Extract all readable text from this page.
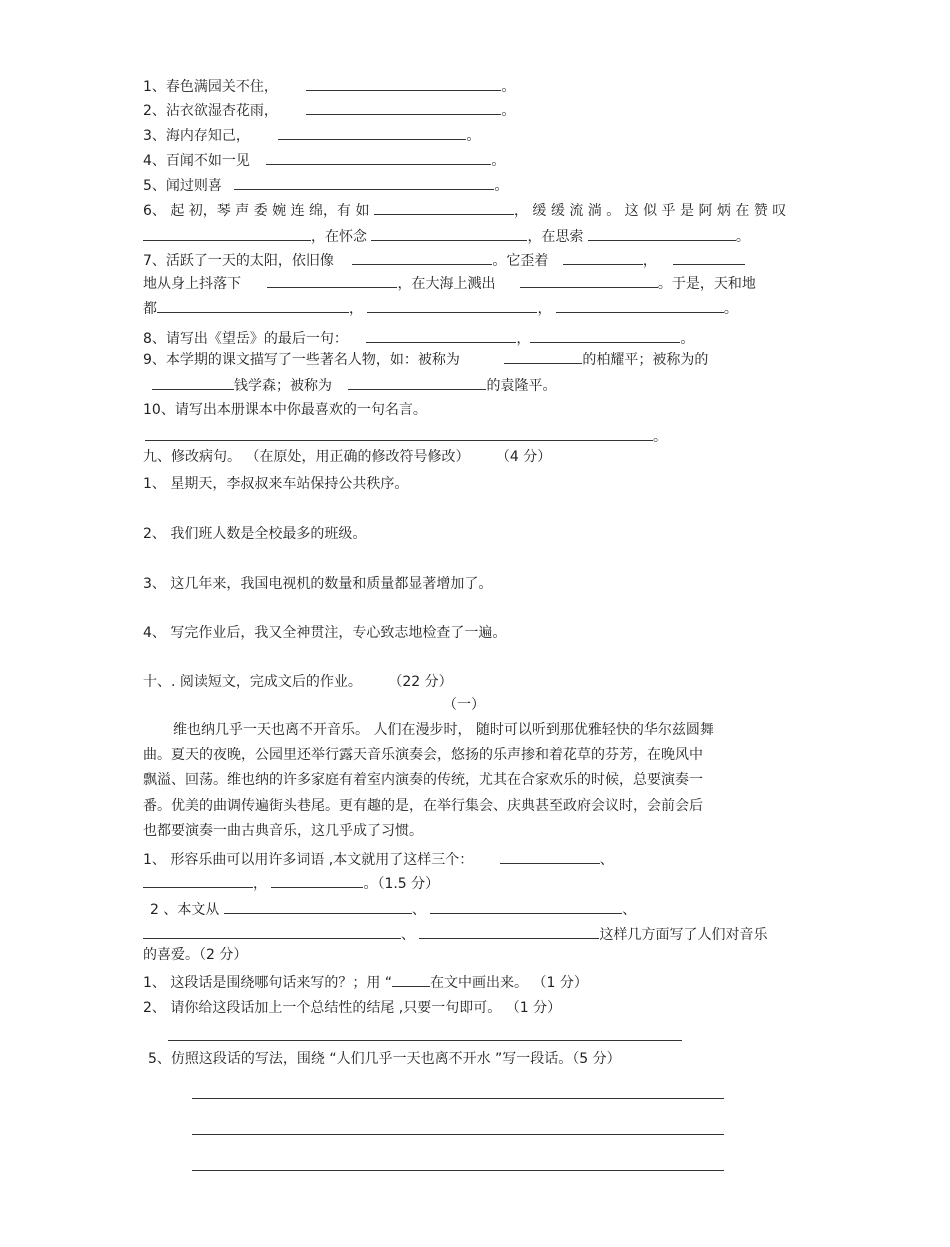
1、春色满园关不住，	。
2、沾衣欲湿杏花雨，	。
3、海内存知己，	。
4、百闻不如一见	。
5、闻过则喜	。
6、 起 初，琴 声 委 婉 连 绵，有 如	， 缓 缓 流 淌 。 这 似 乎 是 阿 炳 在 赞 叹
，在怀念	，在思索	。
7、活跃了一天的太阳，依旧像	。它歪着	，
地从身上抖落下	，在大海上溅出	。于是，天和地
都	，	，	。
8、请写出《望岳》的最后一句：	，	。
9、本学期的课文描写了一些著名人物，如：被称为	的柏耀平；被称为的
钱学森；被称为	的袁隆平。
10、请写出本册课本中你最喜欢的一句名言。
。
九、修改病句。 （在原处，用正确的修改符号修改） （4 分）
1、 星期天，李叔叔来车站保持公共秩序。
2、 我们班人数是全校最多的班级。
3、 这几年来，我国电视机的数量和质量都显著增加了。
4、 写完作业后，我又全神贯注，专心致志地检查了一遍。
十、. 阅读短文，完成文后的作业。 （22 分）
（一）
维也纳几乎一天也离不开音乐。 人们在漫步时， 随时可以听到那优雅轻快的华尔兹圆舞
曲。夏天的夜晚，公园里还举行露天音乐演奏会，悠扬的乐声掺和着花草的芬芳，在晚风中
飘溢、回荡。维也纳的许多家庭有着室内演奏的传统，尤其在合家欢乐的时候，总要演奏一
番。优美的曲调传遍街头巷尾。更有趣的是，在举行集会、庆典甚至政府会议时，会前会后
也都要演奏一曲古典音乐，这几乎成了习惯。
1、 形容乐曲可以用许多词语 ,本文就用了这样三个：	、
，	。（1.5 分）
2 、本文从	、	、
、	这样几方面写了人们对音乐
的喜爱。（2 分）
1、 这段话是围绕哪句话来写的？；用 “	在文中画出来。 （1 分）
2、 请你给这段话加上一个总结性的结尾 ,只要一句即可。 （1 分）
5、仿照这段话的写法，围绕 “人们几乎一天也离不开水 ”写一段话。（5 分）
